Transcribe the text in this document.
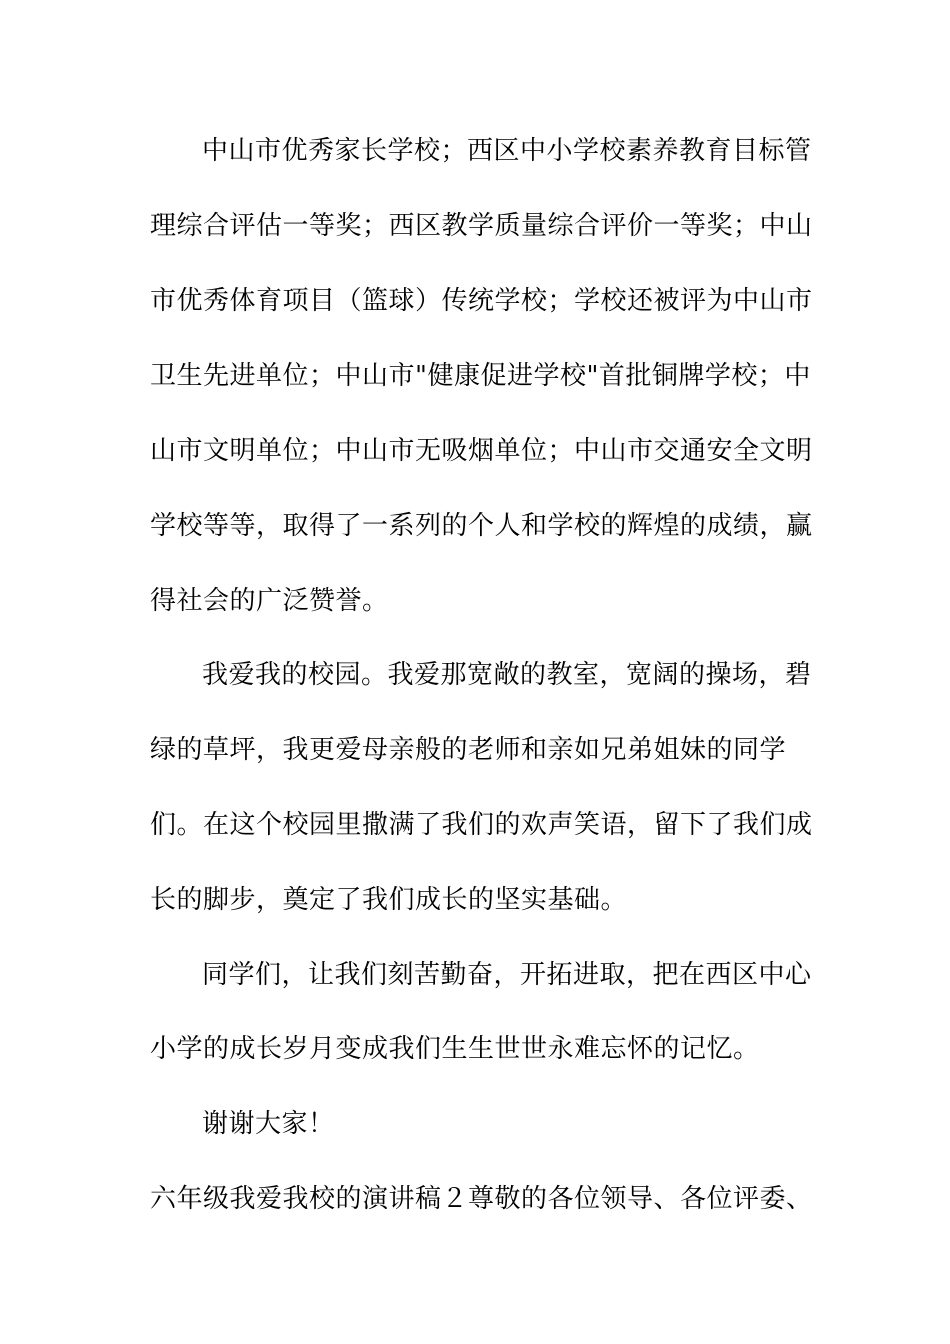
中山市优秀家长学校；西区中小学校素养教育目标管
理综合评估一等奖；西区教学质量综合评价一等奖；中山
市优秀体育项目（篮球）传统学校；学校还被评为中山市
卫生先进单位；中山市"健康促进学校"首批铜牌学校；中
山市文明单位；中山市无吸烟单位；中山市交通安全文明
学校等等，取得了一系列的个人和学校的辉煌的成绩，赢
得社会的广泛赞誉。
我爱我的校园。我爱那宽敞的教室，宽阔的操场，碧
绿的草坪，我更爱母亲般的老师和亲如兄弟姐妹的同学
们。在这个校园里撒满了我们的欢声笑语，留下了我们成
长的脚步，奠定了我们成长的坚实基础。
同学们，让我们刻苦勤奋，开拓进取，把在西区中心
小学的成长岁月变成我们生生世世永难忘怀的记忆。
谢谢大家！
六年级我爱我校的演讲稿２尊敬的各位领导、各位评委、
